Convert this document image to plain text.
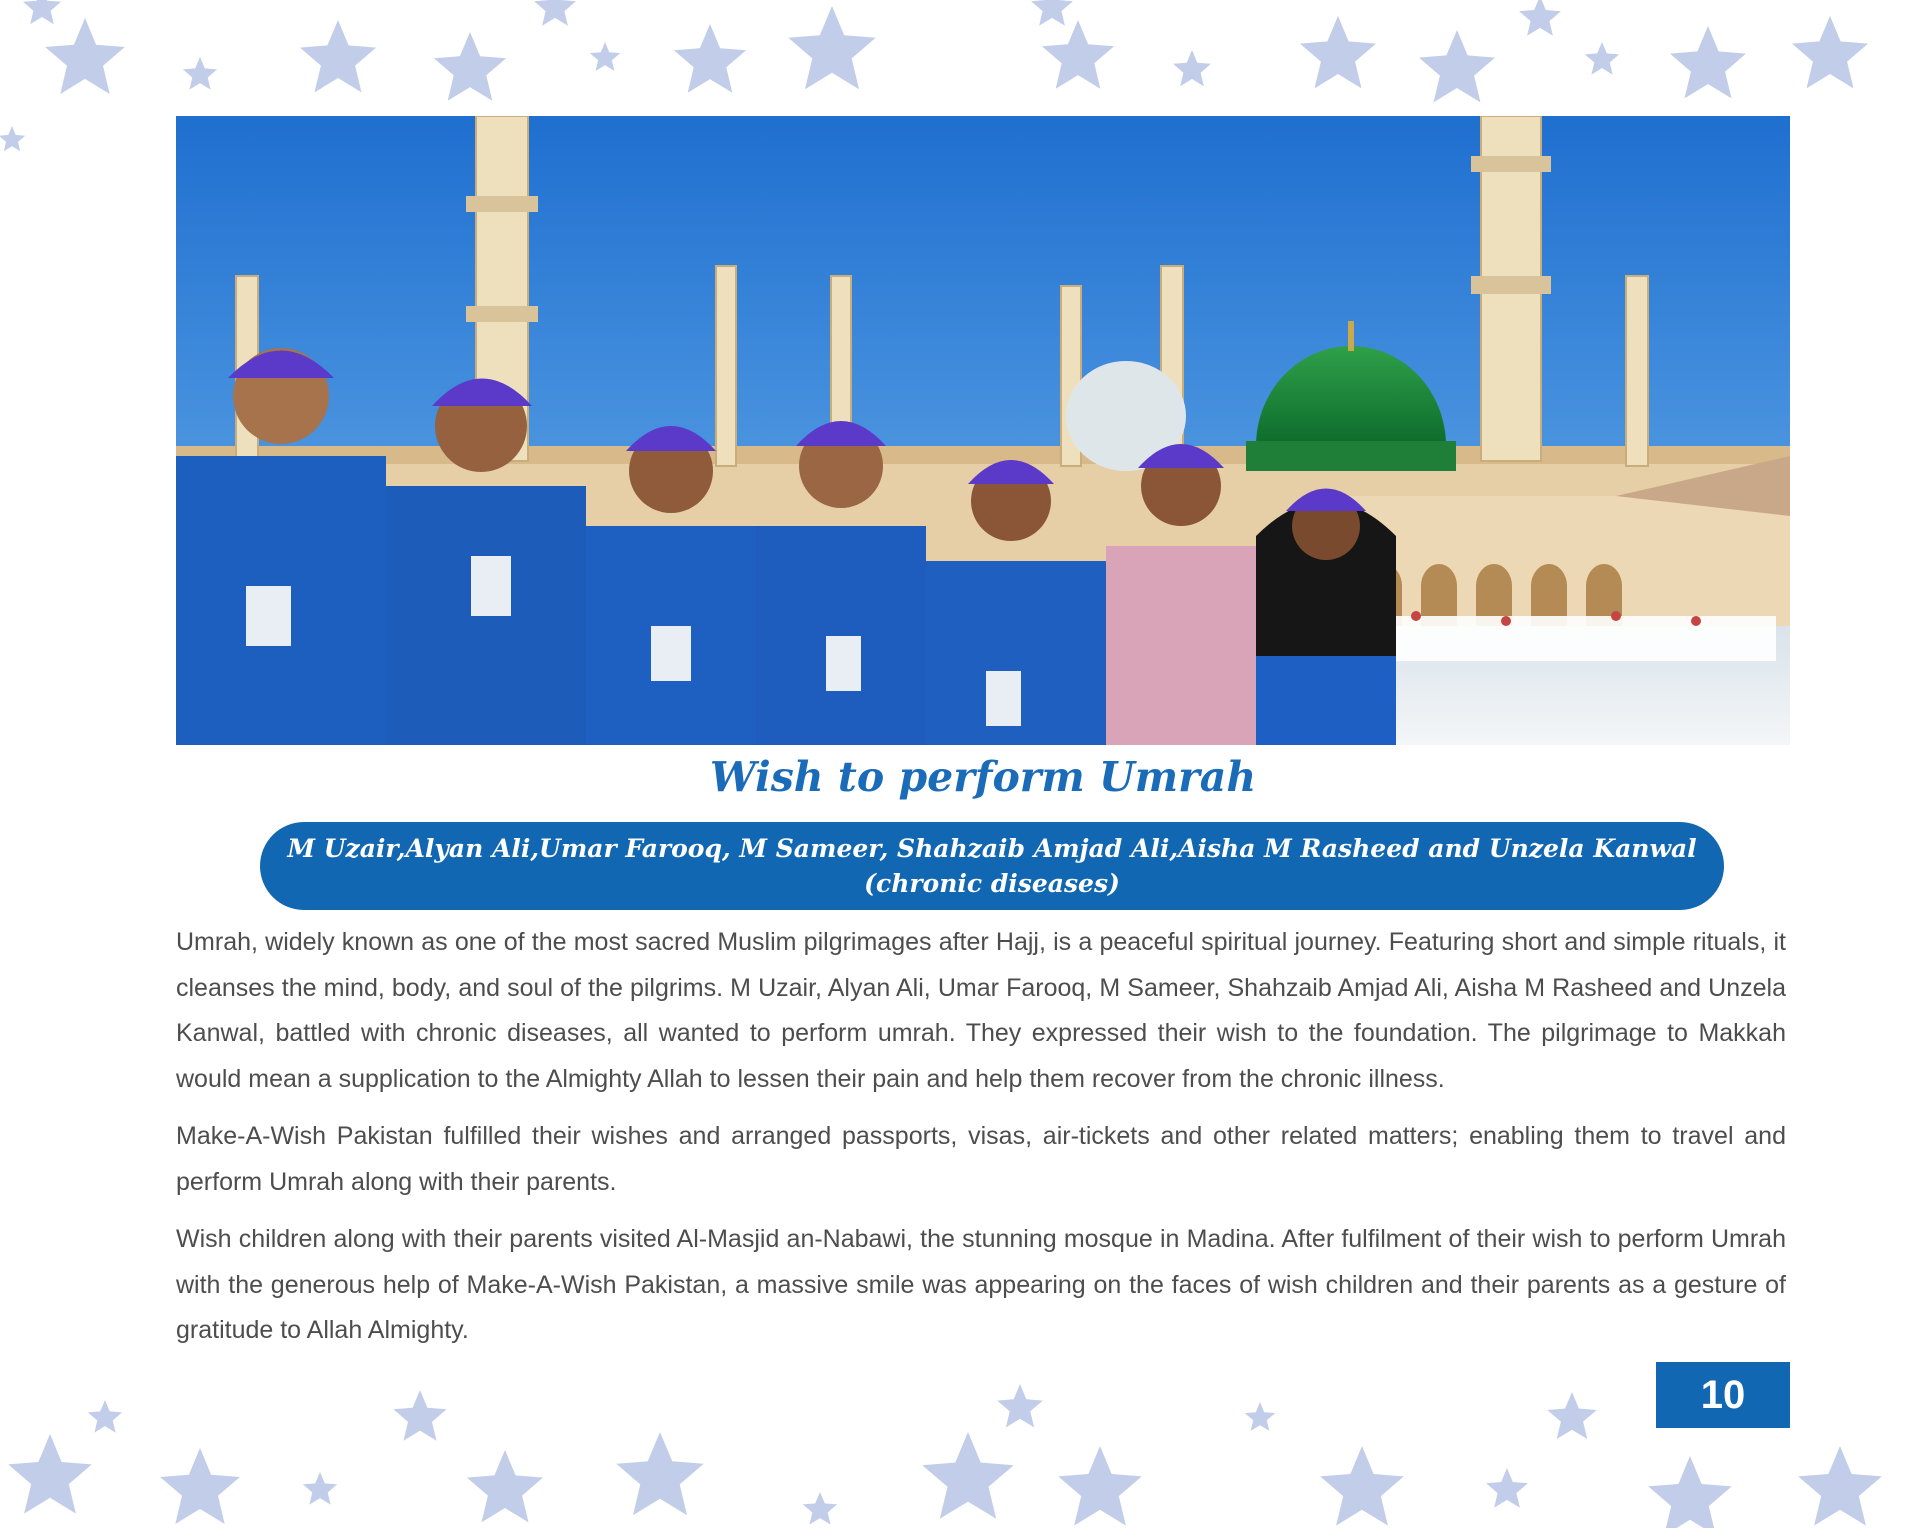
Wish to perform Umrah
M Uzair,Alyan Ali,Umar Farooq, M Sameer, Shahzaib Amjad Ali,Aisha M Rasheed and Unzela Kanwal
(chronic diseases)

Umrah, widely known as one of the most sacred Muslim pilgrimages after Hajj, is a peaceful spiritual journey. Featuring short and simple rituals, it cleanses the mind, body, and soul of the pilgrims. M Uzair, Alyan Ali, Umar Farooq, M Sameer, Shahzaib Amjad Ali, Aisha M Rasheed and Unzela Kanwal, battled with chronic diseases, all wanted to perform umrah. They expressed their wish to the foundation. The pilgrimage to Makkah would mean a supplication to the Almighty Allah to lessen their pain and help them recover from the chronic illness.

Make-A-Wish Pakistan fulfilled their wishes and arranged passports, visas, air-tickets and other related matters; enabling them to travel and perform Umrah along with their parents.

Wish children along with their parents visited Al-Masjid an-Nabawi, the stunning mosque in Madina. After fulfilment of their wish to perform Umrah with the generous help of Make-A-Wish Pakistan, a massive smile was appearing on the faces of wish children and their parents as a gesture of gratitude to Allah Almighty.

10
